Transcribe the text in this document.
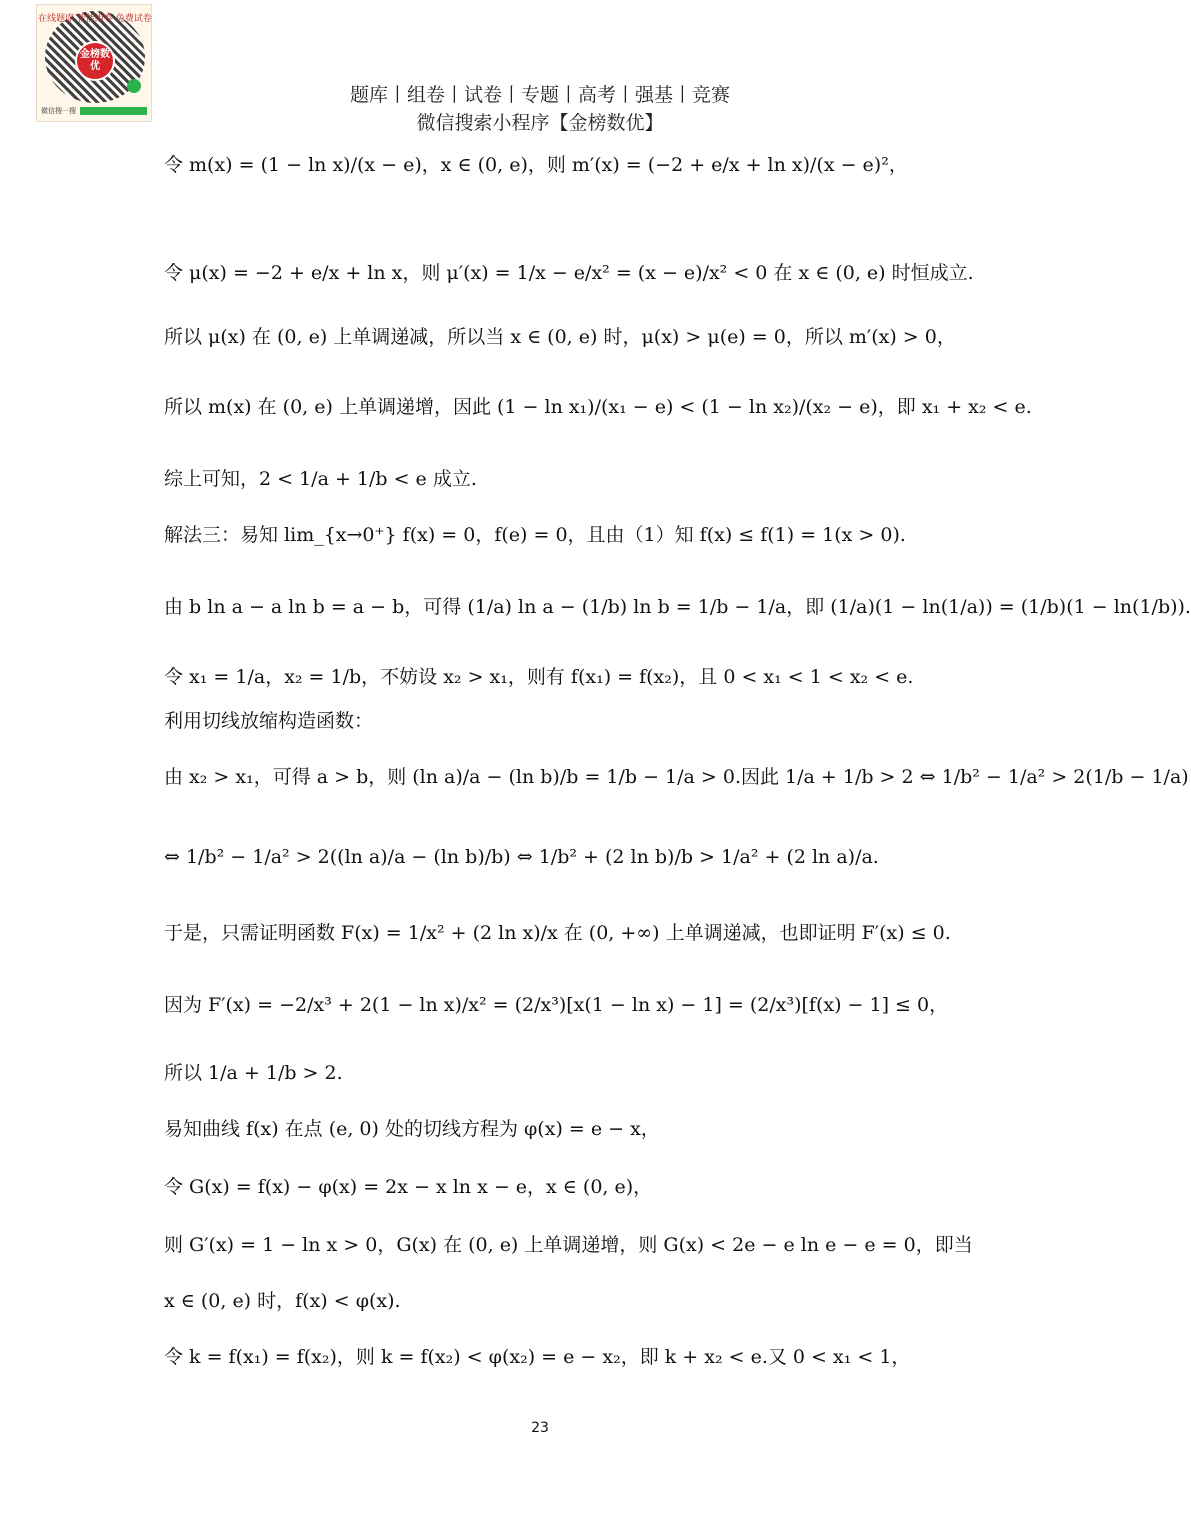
在线题库 智能组卷 免费试卷
金榜数优
微信搜一搜
题库丨组卷丨试卷丨专题丨高考丨强基丨竞赛
微信搜索小程序【金榜数优】
令 m(x) = (1 − ln x)/(x − e)，x ∈ (0, e)，则 m′(x) = (−2 + e/x + ln x)/(x − e)²，
令 μ(x) = −2 + e/x + ln x，则 μ′(x) = 1/x − e/x² = (x − e)/x² < 0 在 x ∈ (0, e) 时恒成立.
所以 μ(x) 在 (0, e) 上单调递减，所以当 x ∈ (0, e) 时，μ(x) > μ(e) = 0，所以 m′(x) > 0，
所以 m(x) 在 (0, e) 上单调递增，因此 (1 − ln x₁)/(x₁ − e) < (1 − ln x₂)/(x₂ − e)，即 x₁ + x₂ < e.
综上可知，2 < 1/a + 1/b < e 成立.
解法三：易知 lim_{x→0⁺} f(x) = 0，f(e) = 0，且由（1）知 f(x) ≤ f(1) = 1(x > 0).
由 b ln a − a ln b = a − b，可得 (1/a) ln a − (1/b) ln b = 1/b − 1/a，即 (1/a)(1 − ln(1/a)) = (1/b)(1 − ln(1/b)).
令 x₁ = 1/a，x₂ = 1/b，不妨设 x₂ > x₁，则有 f(x₁) = f(x₂)，且 0 < x₁ < 1 < x₂ < e.
利用切线放缩构造函数：
由 x₂ > x₁，可得 a > b，则 (ln a)/a − (ln b)/b = 1/b − 1/a > 0.因此 1/a + 1/b > 2 ⇔ 1/b² − 1/a² > 2(1/b − 1/a)
⇔ 1/b² − 1/a² > 2((ln a)/a − (ln b)/b) ⇔ 1/b² + (2 ln b)/b > 1/a² + (2 ln a)/a.
于是，只需证明函数 F(x) = 1/x² + (2 ln x)/x 在 (0, +∞) 上单调递减，也即证明 F′(x) ≤ 0.
因为 F′(x) = −2/x³ + 2(1 − ln x)/x² = (2/x³)[x(1 − ln x) − 1] = (2/x³)[f(x) − 1] ≤ 0，
所以 1/a + 1/b > 2.
易知曲线 f(x) 在点 (e, 0) 处的切线方程为 φ(x) = e − x，
令 G(x) = f(x) − φ(x) = 2x − x ln x − e，x ∈ (0, e)，
则 G′(x) = 1 − ln x > 0，G(x) 在 (0, e) 上单调递增，则 G(x) < 2e − e ln e − e = 0，即当
x ∈ (0, e) 时，f(x) < φ(x).
令 k = f(x₁) = f(x₂)，则 k = f(x₂) < φ(x₂) = e − x₂，即 k + x₂ < e.又 0 < x₁ < 1，
23
